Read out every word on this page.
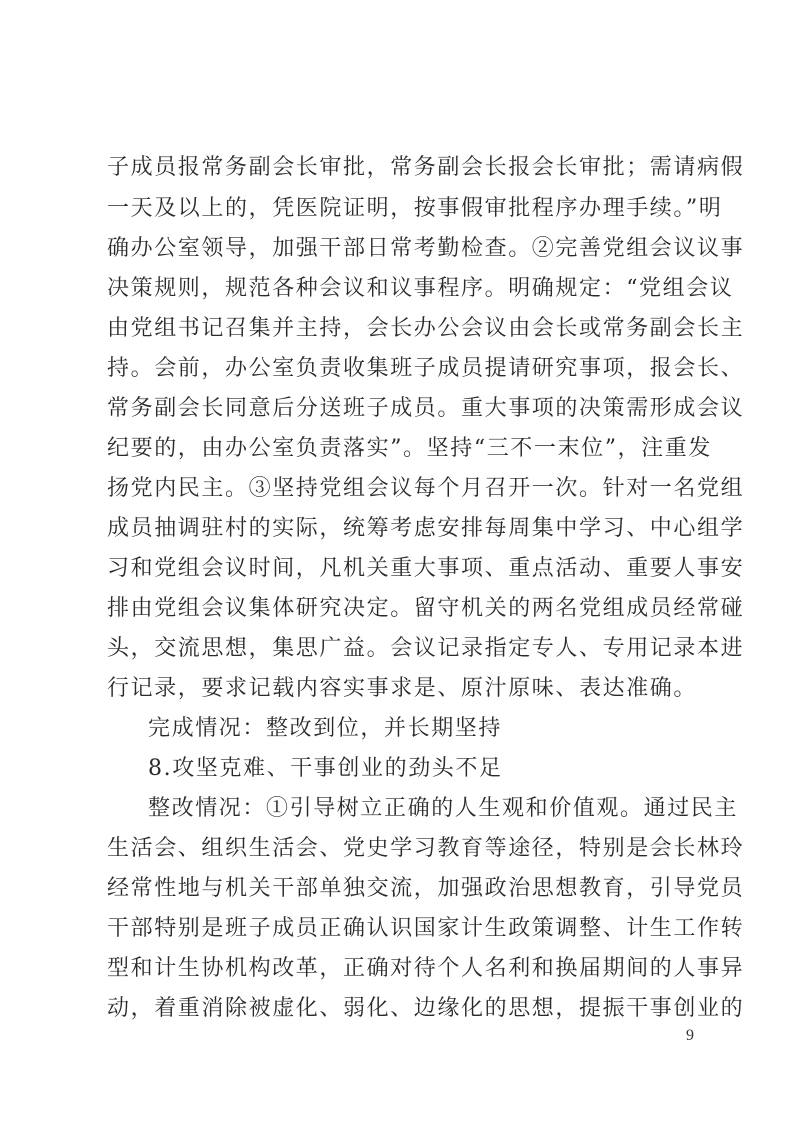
子成员报常务副会长审批，常务副会长报会长审批；需请病假
一天及以上的，凭医院证明，按事假审批程序办理手续。”明
确办公室领导，加强干部日常考勤检查。②完善党组会议议事
决策规则，规范各种会议和议事程序。明确规定：“党组会议
由党组书记召集并主持，会长办公会议由会长或常务副会长主
持。会前，办公室负责收集班子成员提请研究事项，报会长、
常务副会长同意后分送班子成员。重大事项的决策需形成会议
纪要的，由办公室负责落实”。坚持“三不一末位”，注重发
扬党内民主。③坚持党组会议每个月召开一次。针对一名党组
成员抽调驻村的实际，统筹考虑安排每周集中学习、中心组学
习和党组会议时间，凡机关重大事项、重点活动、重要人事安
排由党组会议集体研究决定。留守机关的两名党组成员经常碰
头，交流思想，集思广益。会议记录指定专人、专用记录本进
行记录，要求记载内容实事求是、原汁原味、表达准确。
完成情况：整改到位，并长期坚持
8.攻坚克难、干事创业的劲头不足
整改情况：①引导树立正确的人生观和价值观。通过民主
生活会、组织生活会、党史学习教育等途径，特别是会长林玲
经常性地与机关干部单独交流，加强政治思想教育，引导党员
干部特别是班子成员正确认识国家计生政策调整、计生工作转
型和计生协机构改革，正确对待个人名利和换届期间的人事异
动，着重消除被虚化、弱化、边缘化的思想，提振干事创业的
9
